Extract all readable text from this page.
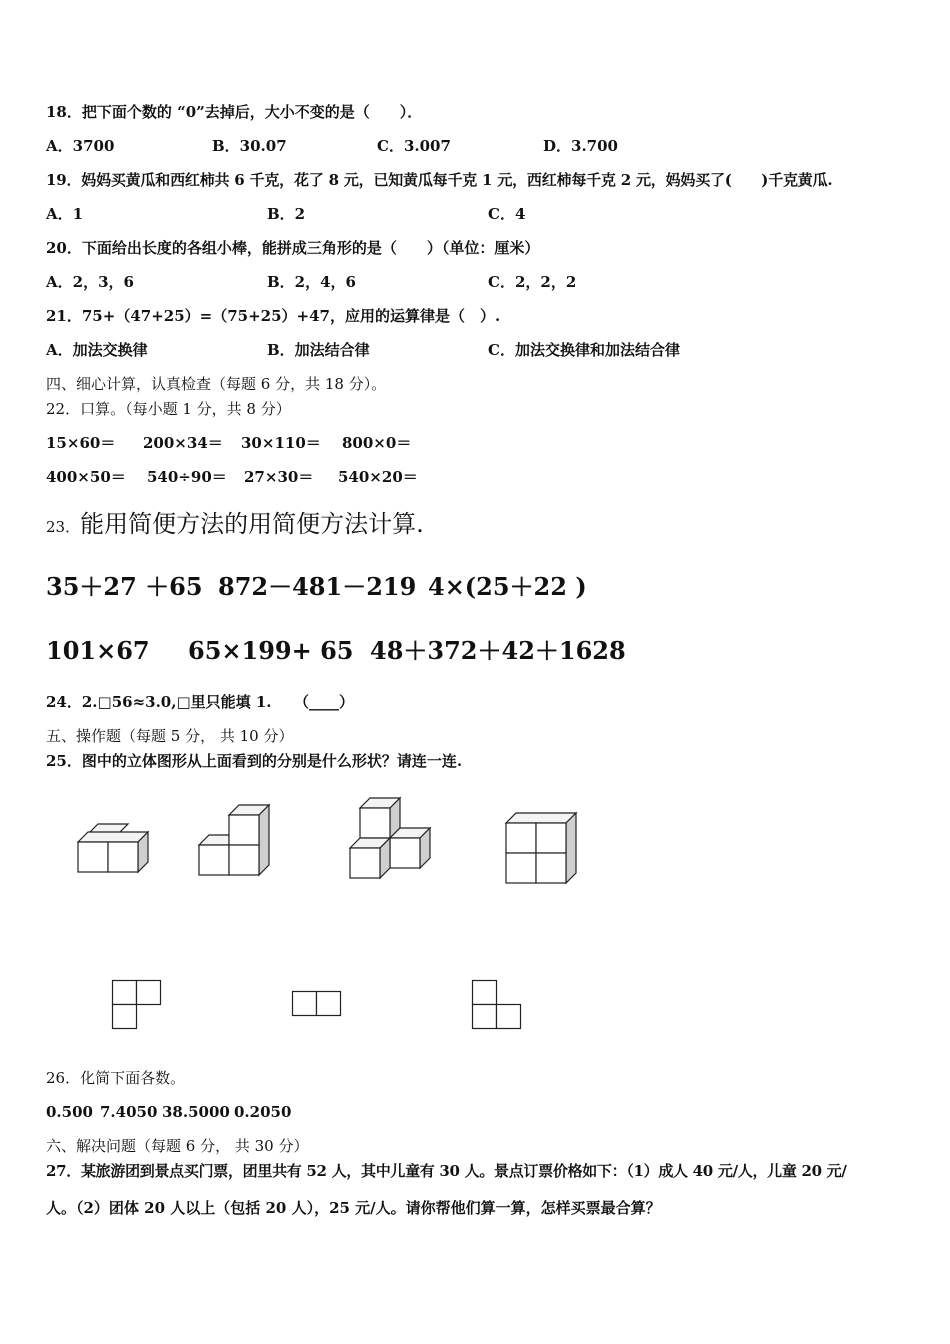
18．把下面个数的 “0”去掉后，大小不变的是（　　）．
A．3700	B．30.07	C．3.007	D．3.700
19．妈妈买黄瓜和西红柿共 6 千克，花了 8 元，已知黄瓜每千克 1 元，西红柿每千克 2 元，妈妈买了(　　)千克黄瓜.
A．1	B．2	C．4
20．下面给出长度的各组小棒，能拼成三角形的是（　　）（单位：厘米）
A．2，3，6	B．2，4，6	C．2，2，2
21．75+（47+25）=（75+25）+47，应用的运算律是（　）.
A．加法交换律	B．加法结合律	C．加法交换律和加法结合律
四、细心计算，认真检查（每题 6 分，共 18 分）。
22．口算。（每小题 1 分，共 8 分）
15×60＝ 200×34＝ 30×110＝ 800×0＝
400×50＝ 540÷90＝ 27×30＝ 540×20＝
23．能用简便方法的用简便方法计算.
35＋27 ＋65 872－481－219 4×(25＋22 )
101×67 65×199+ 65 48＋372＋42＋1628
24．2.□56≈3.0,□里只能填 1.　　（____）
五、操作题（每题 5 分， 共 10 分）
25．图中的立体图形从上面看到的分别是什么形状？请连一连.
26．化简下面各数。
0.500 7.4050 38.5000 0.2050
六、解决问题（每题 6 分， 共 30 分）
27．某旅游团到景点买门票，团里共有 52 人，其中儿童有 30 人。景点订票价格如下：（1）成人 40 元/人，儿童 20 元/
人。（2）团体 20 人以上（包括 20 人），25 元/人。请你帮他们算一算，怎样买票最合算？
